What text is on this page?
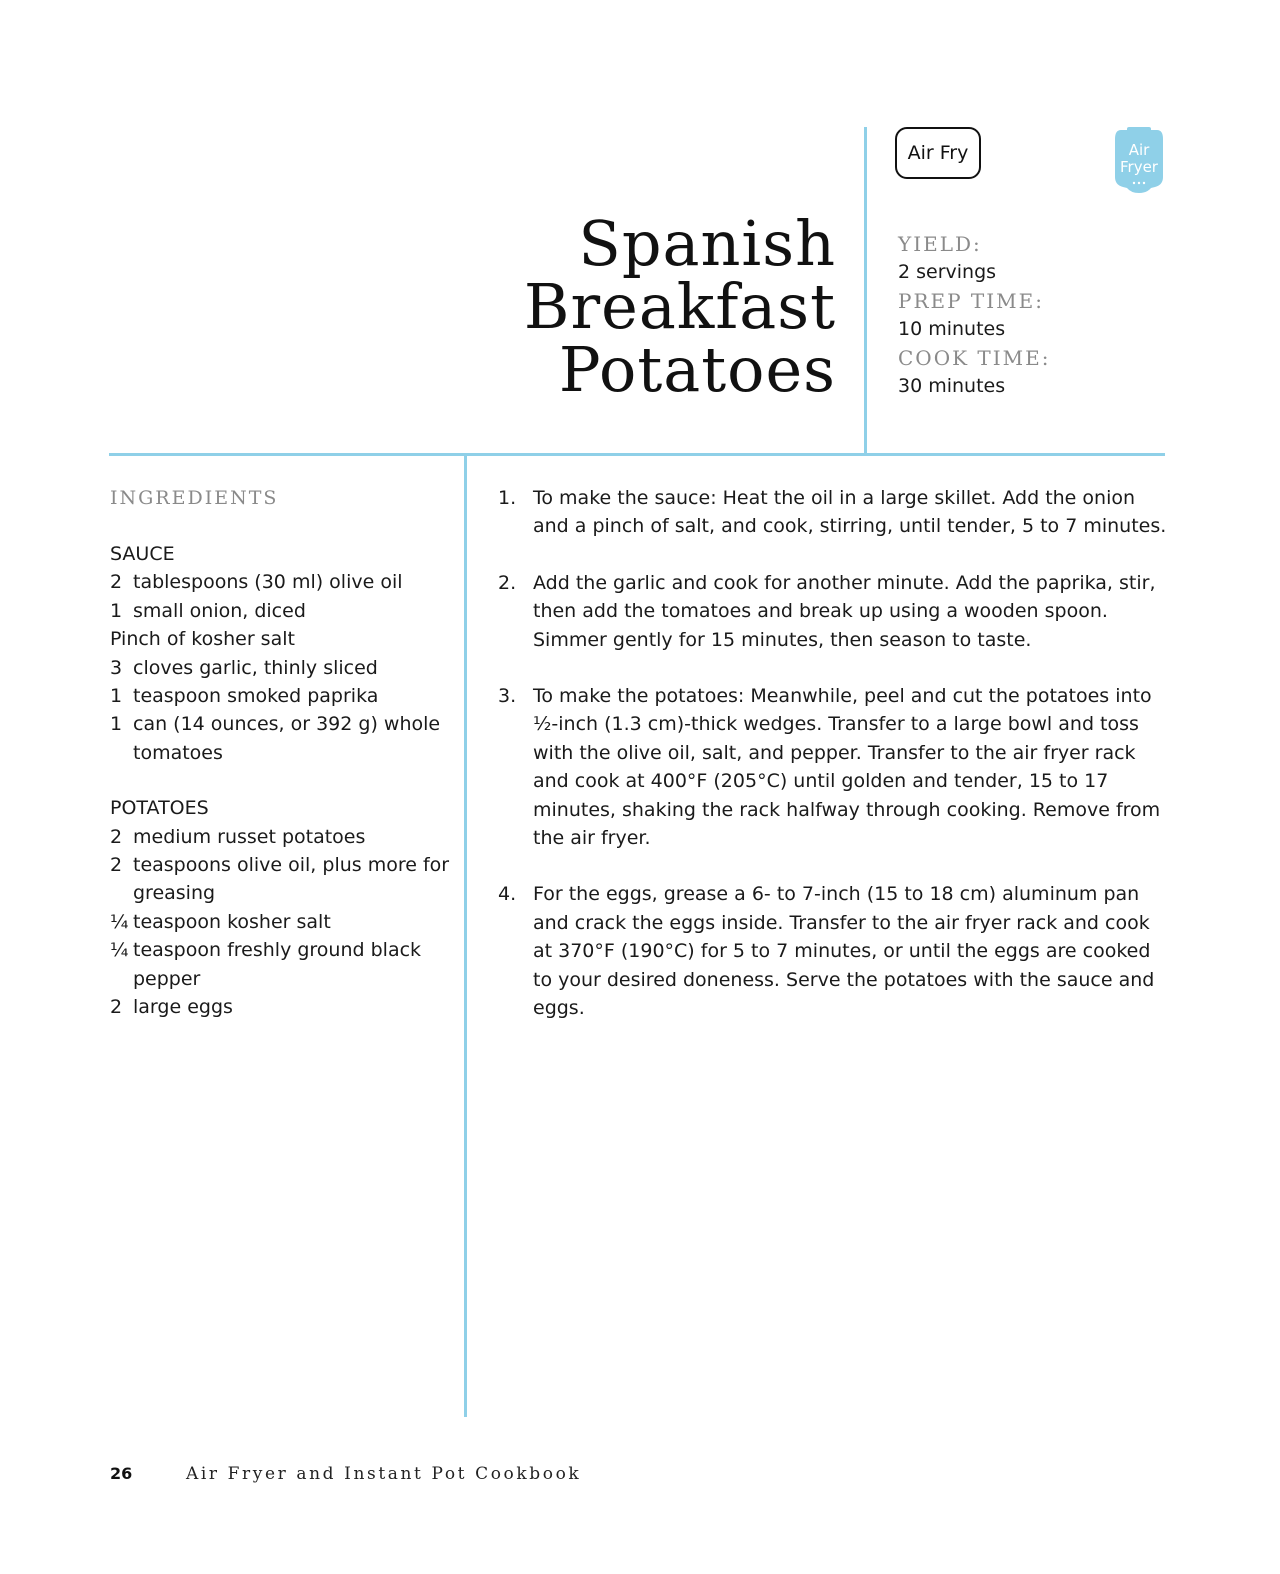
Spanish
Breakfast
Potatoes
Air Fry	Air
Fryer
YIELD:
2 servings
PREP TIME:
10 minutes
COOK TIME:
30 minutes
INGREDIENTS
SAUCE
2 tablespoons (30 ml) olive oil
1 small onion, diced
Pinch of kosher salt
3 cloves garlic, thinly sliced
1 teaspoon smoked paprika
1 can (14 ounces, or 392 g) whole tomatoes
POTATOES
2 medium russet potatoes
2 teaspoons olive oil, plus more for greasing
¼ teaspoon kosher salt
¼ teaspoon freshly ground black pepper
2 large eggs
1. To make the sauce: Heat the oil in a large skillet. Add the onion and a pinch of salt, and cook, stirring, until tender, 5 to 7 minutes.
2. Add the garlic and cook for another minute. Add the paprika, stir, then add the tomatoes and break up using a wooden spoon. Simmer gently for 15 minutes, then season to taste.
3. To make the potatoes: Meanwhile, peel and cut the potatoes into ½-inch (1.3 cm)-thick wedges. Transfer to a large bowl and toss with the olive oil, salt, and pepper. Transfer to the air fryer rack and cook at 400°F (205°C) until golden and tender, 15 to 17 minutes, shaking the rack halfway through cooking. Remove from the air fryer.
4. For the eggs, grease a 6- to 7-inch (15 to 18 cm) aluminum pan and crack the eggs inside. Transfer to the air fryer rack and cook at 370°F (190°C) for 5 to 7 minutes, or until the eggs are cooked to your desired doneness. Serve the potatoes with the sauce and eggs.
26	Air Fryer and Instant Pot Cookbook
